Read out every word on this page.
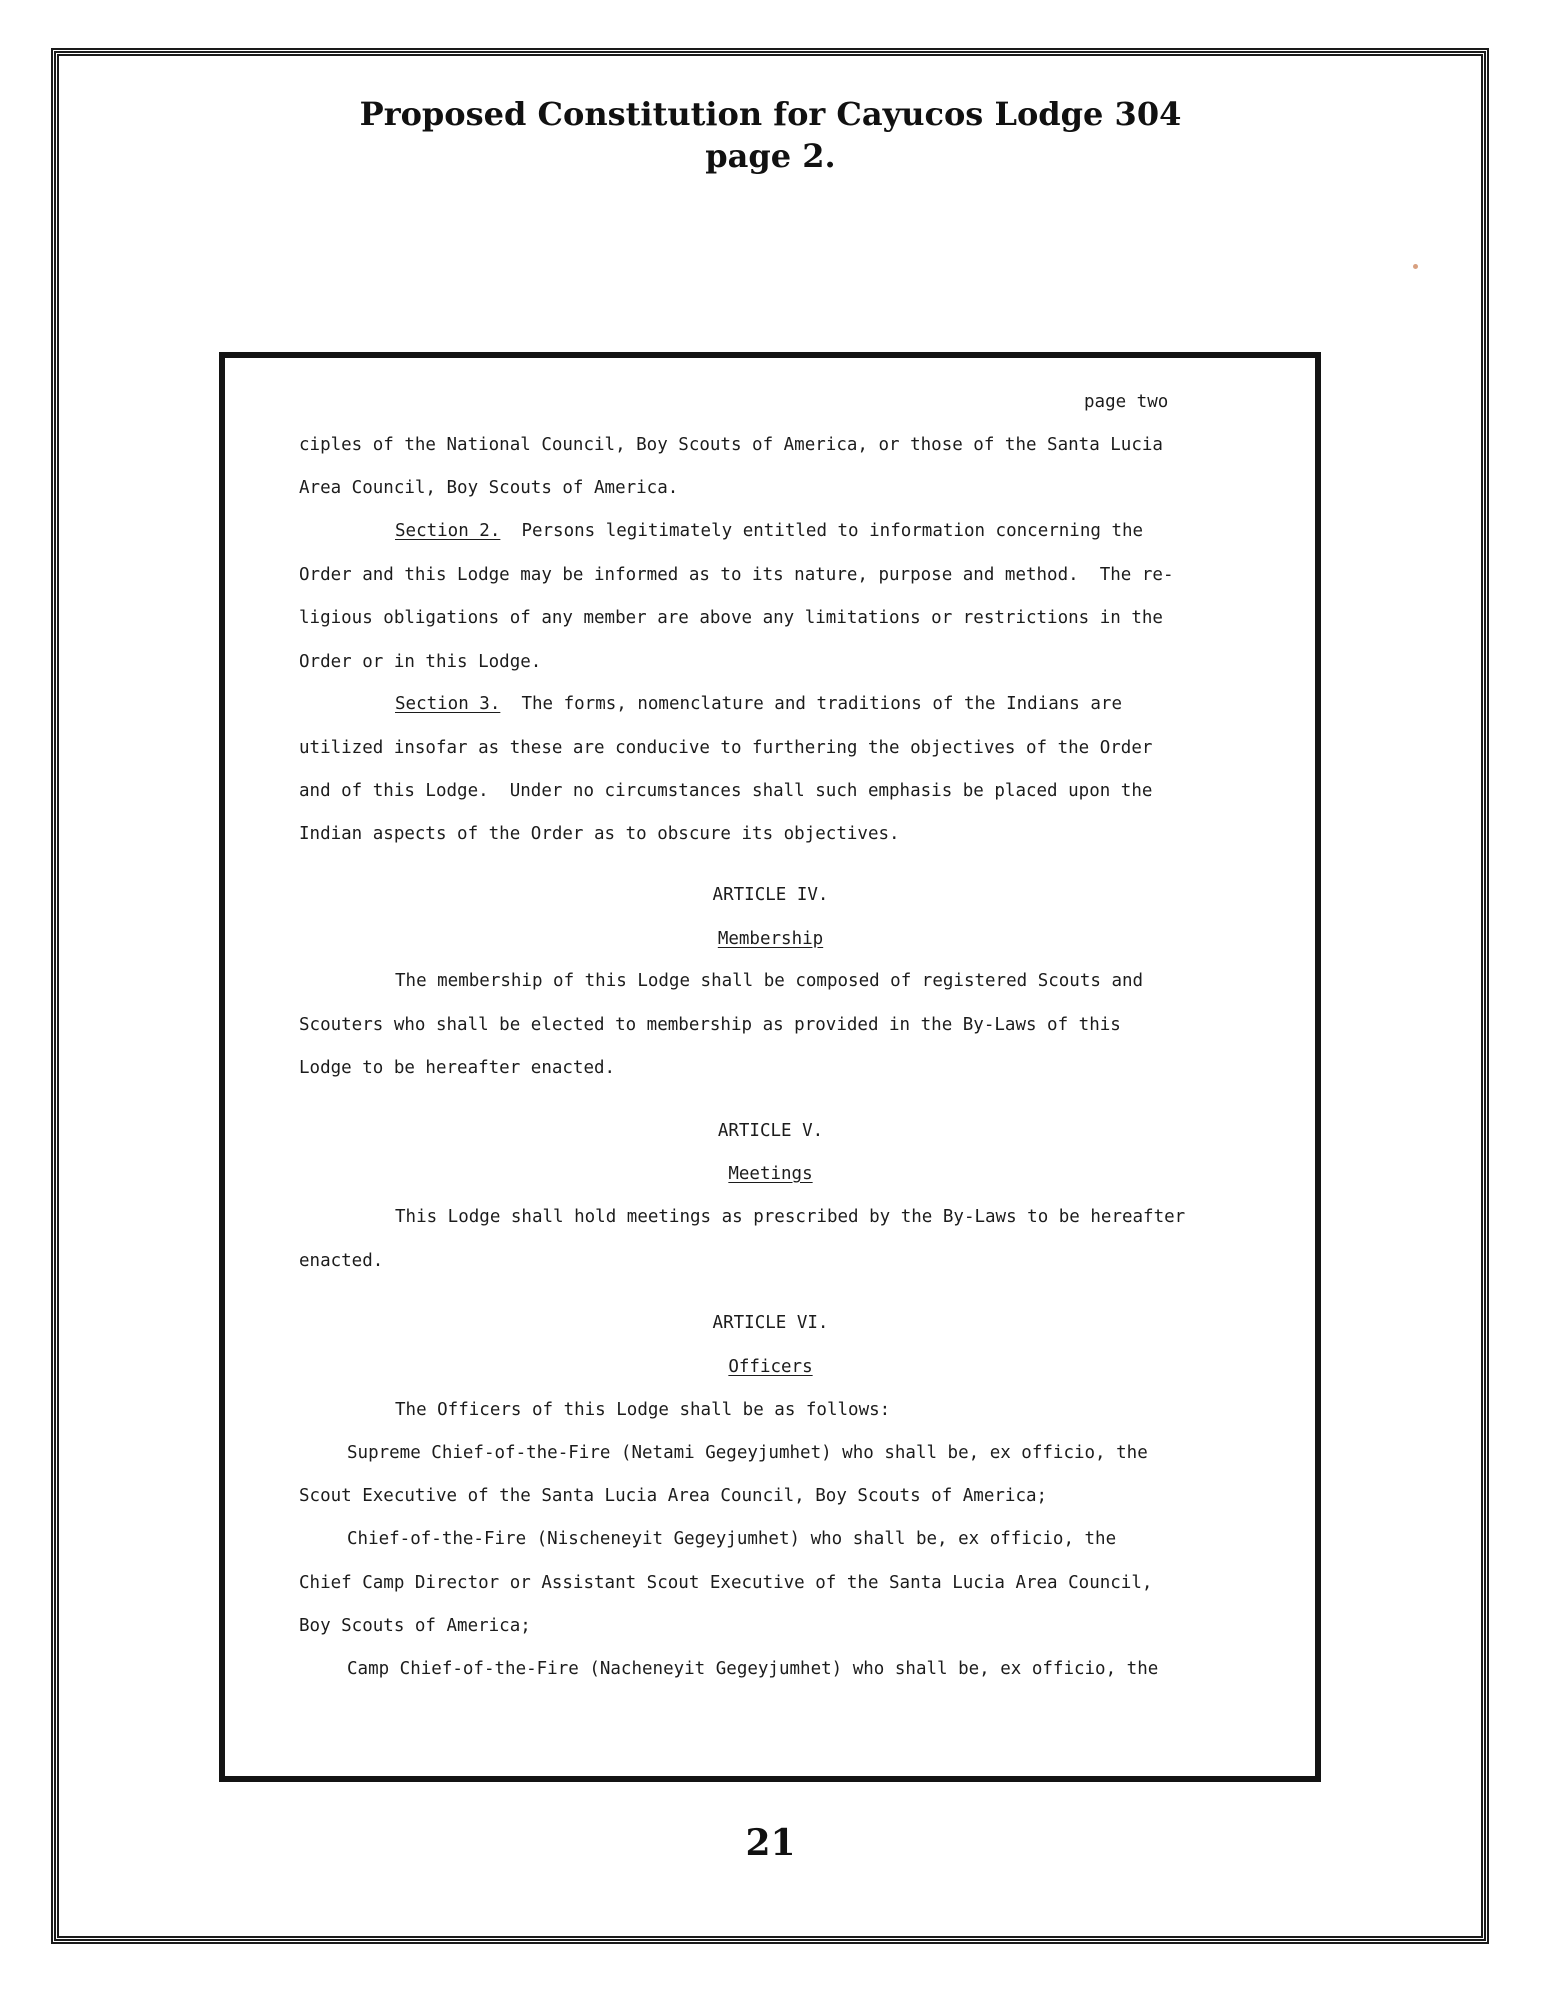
Proposed Constitution for Cayucos Lodge 304
page 2.
page two
ciples of the National Council, Boy Scouts of America, or those of the Santa Lucia
Area Council, Boy Scouts of America.
Section 2. Persons legitimately entitled to information concerning the
Order and this Lodge may be informed as to its nature, purpose and method.  The re-
ligious obligations of any member are above any limitations or restrictions in the
Order or in this Lodge.
Section 3. The forms, nomenclature and traditions of the Indians are
utilized insofar as these are conducive to furthering the objectives of the Order
and of this Lodge.  Under no circumstances shall such emphasis be placed upon the
Indian aspects of the Order as to obscure its objectives.
ARTICLE IV.
Membership
The membership of this Lodge shall be composed of registered Scouts and
Scouters who shall be elected to membership as provided in the By-Laws of this
Lodge to be hereafter enacted.
ARTICLE V.
Meetings
This Lodge shall hold meetings as prescribed by the By-Laws to be hereafter
enacted.
ARTICLE VI.
Officers
The Officers of this Lodge shall be as follows:
Supreme Chief-of-the-Fire (Netami Gegeyjumhet) who shall be, ex officio, the
Scout Executive of the Santa Lucia Area Council, Boy Scouts of America;
Chief-of-the-Fire (Nischeneyit Gegeyjumhet) who shall be, ex officio, the
Chief Camp Director or Assistant Scout Executive of the Santa Lucia Area Council,
Boy Scouts of America;
Camp Chief-of-the-Fire (Nacheneyit Gegeyjumhet) who shall be, ex officio, the
21
